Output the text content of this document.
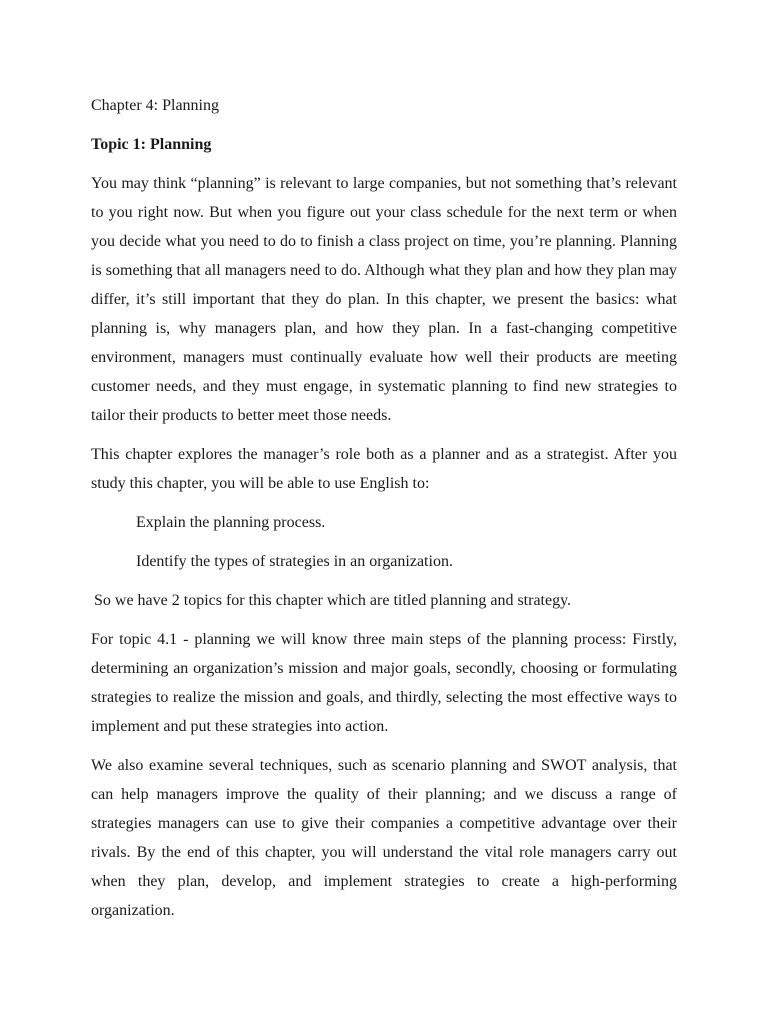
Chapter 4: Planning

Topic 1: Planning

You may think “planning” is relevant to large companies, but not something that’s relevant to you right now. But when you figure out your class schedule for the next term or when you decide what you need to do to finish a class project on time, you’re planning. Planning is something that all managers need to do. Although what they plan and how they plan may differ, it’s still important that they do plan. In this chapter, we present the basics: what planning is, why managers plan, and how they plan. In a fast-changing competitive environment, managers must continually evaluate how well their products are meeting customer needs, and they must engage, in systematic planning to find new strategies to tailor their products to better meet those needs.

This chapter explores the manager’s role both as a planner and as a strategist. After you study this chapter, you will be able to use English to:

Explain the planning process.

Identify the types of strategies in an organization.

So we have 2 topics for this chapter which are titled planning and strategy.

For topic 4.1 - planning we will know three main steps of the planning process: Firstly, determining an organization’s mission and major goals, secondly, choosing or formulating strategies to realize the mission and goals, and thirdly, selecting the most effective ways to implement and put these strategies into action.

We also examine several techniques, such as scenario planning and SWOT analysis, that can help managers improve the quality of their planning; and we discuss a range of strategies managers can use to give their companies a competitive advantage over their rivals. By the end of this chapter, you will understand the vital role managers carry out when they plan, develop, and implement strategies to create a high-performing organization.
